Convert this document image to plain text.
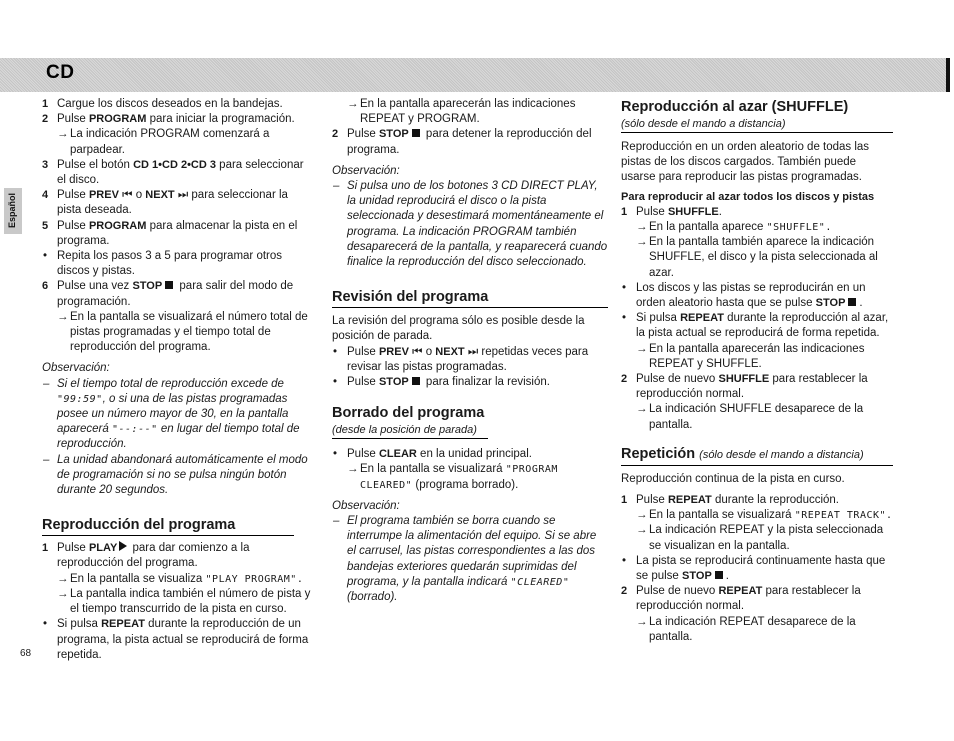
CD
Español
68

1 Cargue los discos deseados en la bandejas.

2 Pulse PROGRAM para iniciar la programación.

→ La indicación PROGRAM comenzará a parpadear.

3 Pulse el botón CD 1•CD 2•CD 3 para seleccionar el disco.

4 Pulse PREV ⏮ o NEXT ⏭ para seleccionar la pista deseada.

5 Pulse PROGRAM para almacenar la pista en el programa.

• Repita los pasos 3 a 5 para programar otros discos y pistas.

6 Pulse una vez STOP para salir del modo de programación.

→ En la pantalla se visualizará el número total de pistas programadas y el tiempo total de reproducción del programa.

Observación:

– Si el tiempo total de reproducción excede de "99:59", o si una de las pistas programadas posee un número mayor de 30, en la pantalla aparecerá "--:--" en lugar del tiempo total de reproducción.

– La unidad abandonará automáticamente el modo de programación si no se pulsa ningún botón durante 20 segundos.

Reproducción del programa

1 Pulse PLAY para dar comienzo a la reproducción del programa.

→ En la pantalla se visualiza "PLAY PROGRAM".

→ La pantalla indica también el número de pista y el tiempo transcurrido de la pista en curso.

• Si pulsa REPEAT durante la reproducción de un programa, la pista actual se reproducirá de forma repetida.

→ En la pantalla aparecerán las indicaciones REPEAT y PROGRAM.

2 Pulse STOP para detener la reproducción del programa.

Observación:

– Si pulsa uno de los botones 3 CD DIRECT PLAY, la unidad reproducirá el disco o la pista seleccionada y desestimará momentáneamente el programa. La indicación PROGRAM también desaparecerá de la pantalla, y reaparecerá cuando finalice la reproducción del disco seleccionado.

Revisión del programa

La revisión del programa sólo es posible desde la posición de parada.

• Pulse PREV ⏮ o NEXT ⏭ repetidas veces para revisar las pistas programadas.

• Pulse STOP para finalizar la revisión.

Borrado del programa

(desde la posición de parada)

• Pulse CLEAR en la unidad principal.

→ En la pantalla se visualizará "PROGRAM CLEARED" (programa borrado).

Observación:

– El programa también se borra cuando se interrumpe la alimentación del equipo. Si se abre el carrusel, las pistas correspondientes a las dos bandejas exteriores quedarán suprimidas del programa, y la pantalla indicará "CLEARED" (borrado).

Reproducción al azar (SHUFFLE)

(sólo desde el mando a distancia)

Reproducción en un orden aleatorio de todas las pistas de los discos cargados. También puede usarse para reproducir las pistas programadas.

Para reproducir al azar todos los discos y pistas

1 Pulse SHUFFLE.

→ En la pantalla aparece "SHUFFLE".

→ En la pantalla también aparece la indicación SHUFFLE, el disco y la pista seleccionada al azar.

• Los discos y las pistas se reproducirán en un orden aleatorio hasta que se pulse STOP .

• Si pulsa REPEAT durante la reproducción al azar, la pista actual se reproducirá de forma repetida.

→ En la pantalla aparecerán las indicaciones REPEAT y SHUFFLE.

2 Pulse de nuevo SHUFFLE para restablecer la reproducción normal.

→ La indicación SHUFFLE desaparece de la pantalla.

Repetición (sólo desde el mando a distancia)

Reproducción continua de la pista en curso.

1 Pulse REPEAT durante la reproducción.

→ En la pantalla se visualizará "REPEAT TRACK".

→ La indicación REPEAT y la pista seleccionada se visualizan en la pantalla.

• La pista se reproducirá continuamente hasta que se pulse STOP .

2 Pulse de nuevo REPEAT para restablecer la reproducción normal.

→ La indicación REPEAT desaparece de la pantalla.
